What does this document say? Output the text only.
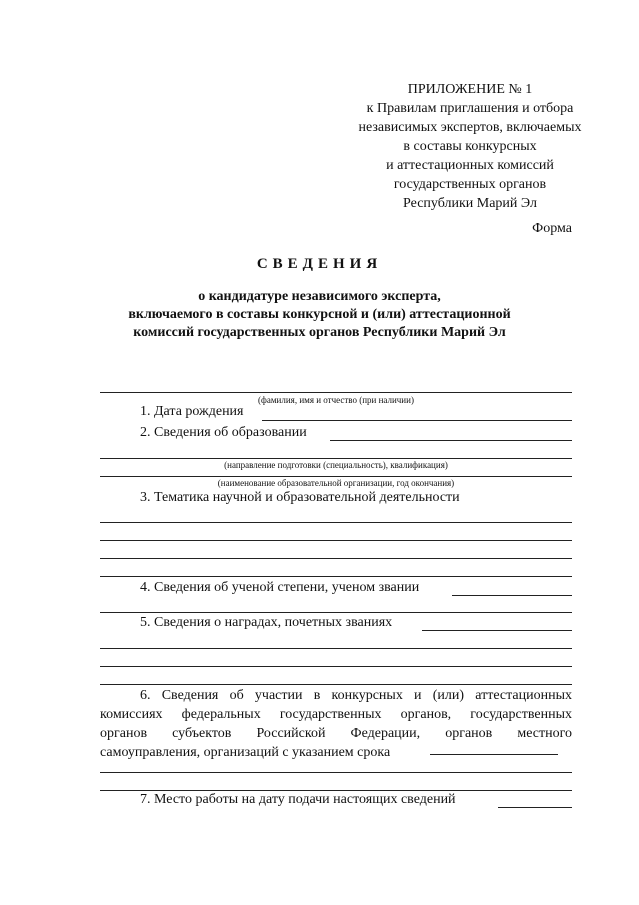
ПРИЛОЖЕНИЕ № 1
к Правилам приглашения и отбора
независимых экспертов, включаемых
в составы конкурсных
и аттестационных комиссий
государственных органов
Республики Марий Эл
Форма
СВЕДЕНИЯ
о кандидатуре независимого эксперта,
включаемого в составы конкурсной и (или) аттестационной
комиссий государственных органов Республики Марий Эл
(фамилия, имя и отчество (при наличии)
1. Дата рождения
2. Сведения об образовании
(направление подготовки (специальность), квалификация)
(наименование образовательной организации, год окончания)
3. Тематика научной и образовательной деятельности
4. Сведения об ученой степени, ученом звании
5. Сведения о наградах, почетных званиях
6. Сведения об участии в конкурсных и (или) аттестационных
комиссиях федеральных государственных органов, государственных
органов субъектов Российской Федерации, органов местного
самоуправления, организаций с указанием срока
7. Место работы на дату подачи настоящих сведений
